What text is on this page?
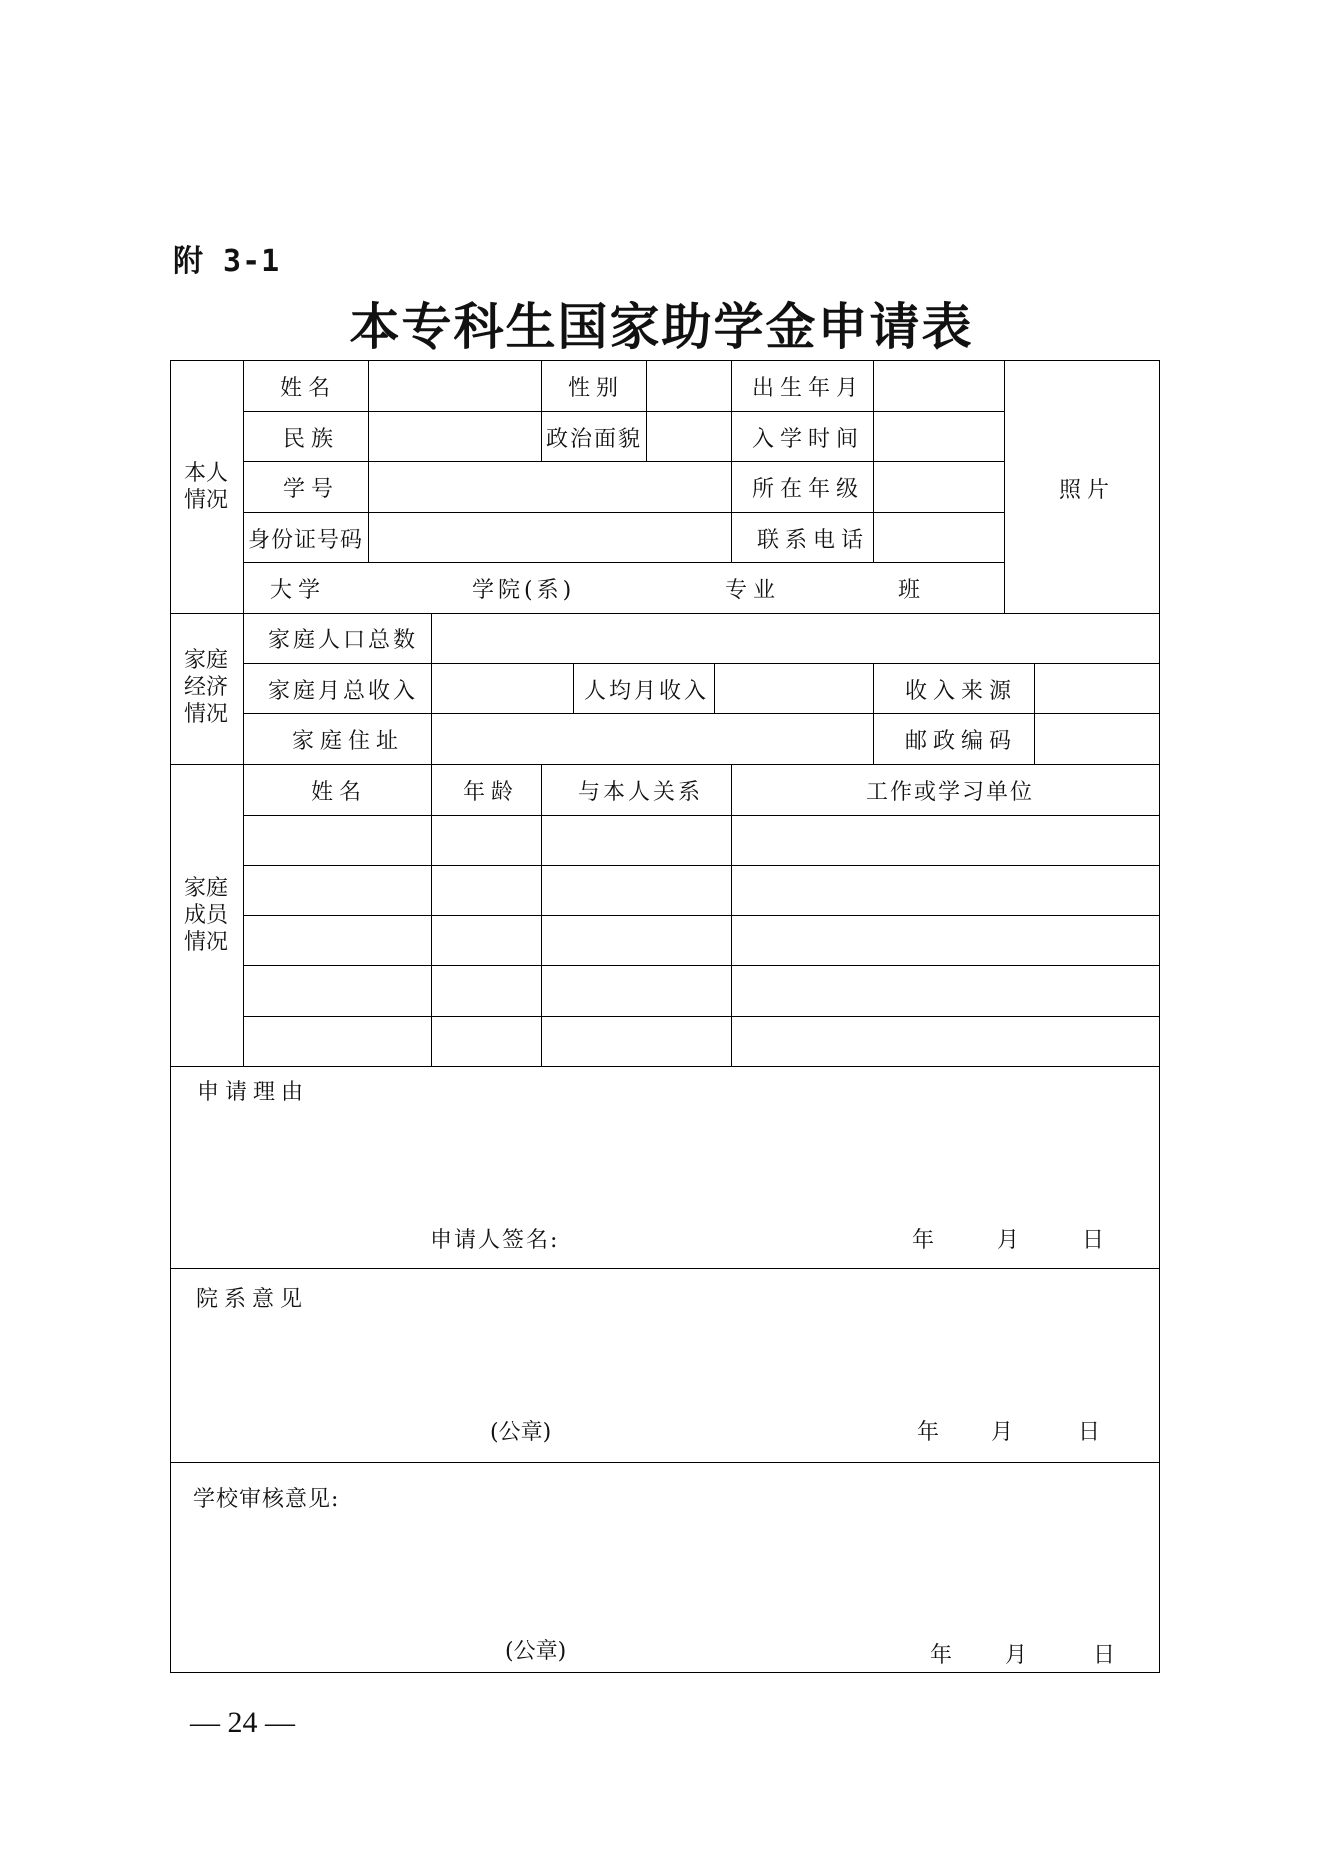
附 3-1
本专科生国家助学金申请表
本人
情况
姓名	性别	出生年月
民族	政治面貌	入学时间
学号	所在年级
身份证号码	联系电话
照片
大学	学院(系)	专业	班
家庭
经济
情况
家庭人口总数
家庭月总收入	人均月收入	收入来源
家庭住址	邮政编码
家庭
成员
情况
姓名	年龄	与本人关系	工作或学习单位
申请理由
申请人签名:	年	月	日
院系意见
(公章)	年 月	日
学校审核意见:
(公章)	年 月	日
— 24 —
